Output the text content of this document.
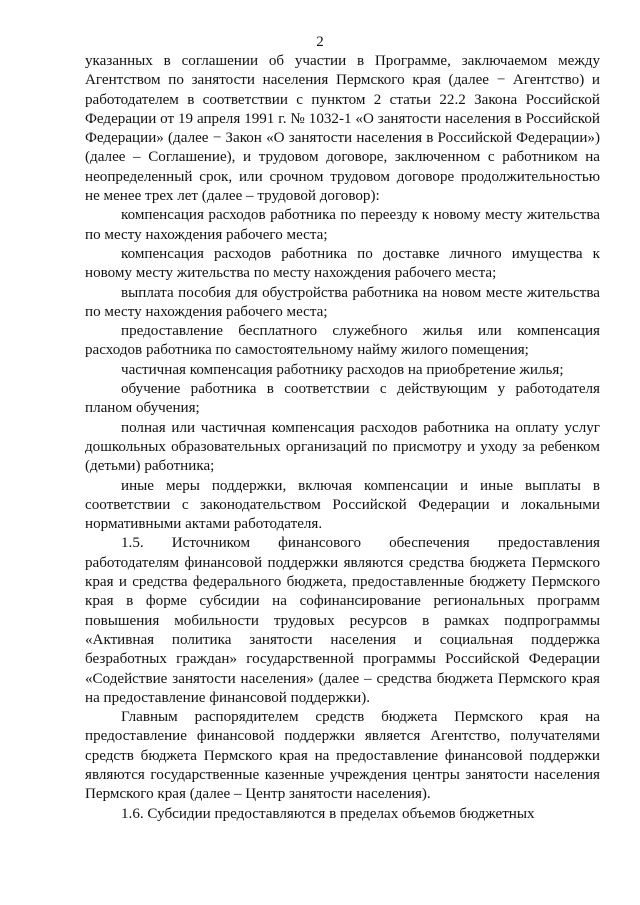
2

указанных в соглашении об участии в Программе, заключаемом между Агентством по занятости населения Пермского края (далее − Агентство) и работодателем в соответствии с пунктом 2 статьи 22.2 Закона Российской Федерации от 19 апреля 1991 г. № 1032-1 «О занятости населения в Российской Федерации» (далее − Закон «О занятости населения в Российской Федерации») (далее – Соглашение), и трудовом договоре, заключенном с работником на неопределенный срок, или срочном трудовом договоре продолжительностью не менее трех лет (далее – трудовой договор):

компенсация расходов работника по переезду к новому месту жительства по месту нахождения рабочего места;

компенсация расходов работника по доставке личного имущества к новому месту жительства по месту нахождения рабочего места;

выплата пособия для обустройства работника на новом месте жительства по месту нахождения рабочего места;

предоставление бесплатного служебного жилья или компенсация расходов работника по самостоятельному найму жилого помещения;

частичная компенсация работнику расходов на приобретение жилья;

обучение работника в соответствии с действующим у работодателя планом обучения;

полная или частичная компенсация расходов работника на оплату услуг дошкольных образовательных организаций по присмотру и уходу за ребенком (детьми) работника;

иные меры поддержки, включая компенсации и иные выплаты в соответствии с законодательством Российской Федерации и локальными нормативными актами работодателя.

1.5. Источником финансового обеспечения предоставления работодателям финансовой поддержки являются средства бюджета Пермского края и средства федерального бюджета, предоставленные бюджету Пермского края в форме субсидии на софинансирование региональных программ повышения мобильности трудовых ресурсов в рамках подпрограммы «Активная политика занятости населения и социальная поддержка безработных граждан» государственной программы Российской Федерации «Содействие занятости населения» (далее – средства бюджета Пермского края на предоставление финансовой поддержки).

Главным распорядителем средств бюджета Пермского края на предоставление финансовой поддержки является Агентство, получателями средств бюджета Пермского края на предоставление финансовой поддержки являются государственные казенные учреждения центры занятости населения Пермского края (далее – Центр занятости населения).

1.6. Субсидии предоставляются в пределах объемов бюджетных
